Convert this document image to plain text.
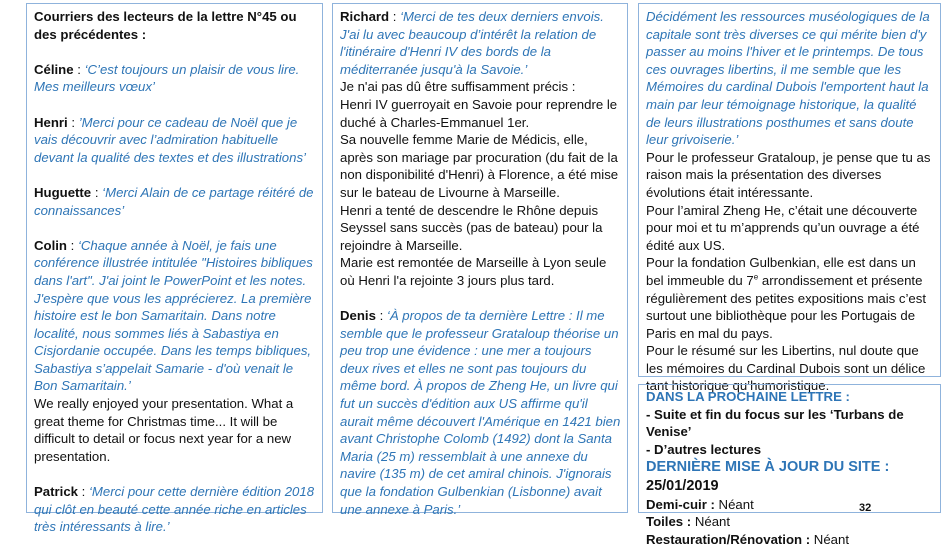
Courriers des lecteurs de la lettre N°45 ou des précédentes :

Céline : ‘C’est toujours un plaisir de vous lire. Mes meilleurs vœux’

Henri : ’Merci pour ce cadeau de Noël que je vais découvrir avec l’admiration habituelle devant la qualité des textes et des illustrations’

Huguette : ‘Merci Alain de ce partage réitéré de connaissances’

Colin : ‘Chaque année à Noël, je fais une conférence illustrée intitulée "Histoires bibliques dans l'art". J'ai joint le PowerPoint et les notes. J'espère que vous les apprécierez. La première histoire est le bon Samaritain. Dans notre localité, nous sommes liés à Sabastiya en Cisjordanie occupée. Dans les temps bibliques, Sabastiya s’appelait Samarie - d'où venait le Bon Samaritain.’

We really enjoyed your presentation. What a great theme for Christmas time... It will be difficult to detail or focus next year for a new presentation.

Patrick : ‘Merci pour cette dernière édition 2018 qui clôt en beauté cette année riche en articles très intéressants à lire.’

Richard : ‘Merci de tes deux derniers envois. J'ai lu avec beaucoup d’intérêt la relation de l'itinéraire d'Henri IV des bords de la méditerranée jusqu'à la Savoie.’

Je n'ai pas dû être suffisamment précis :

Henri IV guerroyait en Savoie pour reprendre le duché à Charles-Emmanuel 1er.

Sa nouvelle femme Marie de Médicis, elle, après son mariage par procuration (du fait de la non disponibilité d'Henri) à Florence, a été mise sur le bateau de Livourne à Marseille.

Henri a tenté de descendre le Rhône depuis Seyssel sans succès (pas de bateau) pour la rejoindre à Marseille.

Marie est remontée de Marseille à Lyon seule où Henri l'a rejointe 3 jours plus tard.

Denis : ‘À propos de ta dernière Lettre : Il me semble que le professeur Grataloup théorise un peu trop une évidence : une mer a toujours deux rives et elles ne sont pas toujours du même bord. À propos de Zheng He, un livre qui fut un succès d'édition aux US affirme qu'il aurait même découvert l'Amérique en 1421 bien avant Christophe Colomb (1492) dont la Santa Maria (25 m) ressemblait à une annexe du navire (135 m) de cet amiral chinois. J'ignorais que la fondation Gulbenkian (Lisbonne) avait une annexe à Paris.’

Décidément les ressources muséologiques de la capitale sont très diverses ce qui mérite bien d'y passer au moins l'hiver et le printemps. De tous ces ouvrages libertins, il me semble que les Mémoires du cardinal Dubois l'emportent haut la main par leur témoignage historique, la qualité de leurs illustrations posthumes et sans doute leur grivoiserie.’

Pour le professeur Grataloup, je pense que tu as raison mais la présentation des diverses évolutions était intéressante.

Pour l’amiral Zheng He, c’était une découverte pour moi et tu m’apprends qu’un ouvrage a été édité aux US.

Pour la fondation Gulbenkian, elle est dans un bel immeuble du 7e arrondissement et présente régulièrement des petites expositions mais c’est surtout une bibliothèque pour les Portugais de Paris en mal du pays.

Pour le résumé sur les Libertins, nul doute que les mémoires du Cardinal Dubois sont un délice tant historique qu’humoristique.

DANS LA PROCHAINE LETTRE :

- Suite et fin du focus sur les ‘Turbans de Venise’

- D’autres lectures

DERNIÈRE MISE À JOUR DU SITE : 25/01/2019

Demi-cuir : Néant

Toiles : Néant

Restauration/Rénovation : Néant

32
